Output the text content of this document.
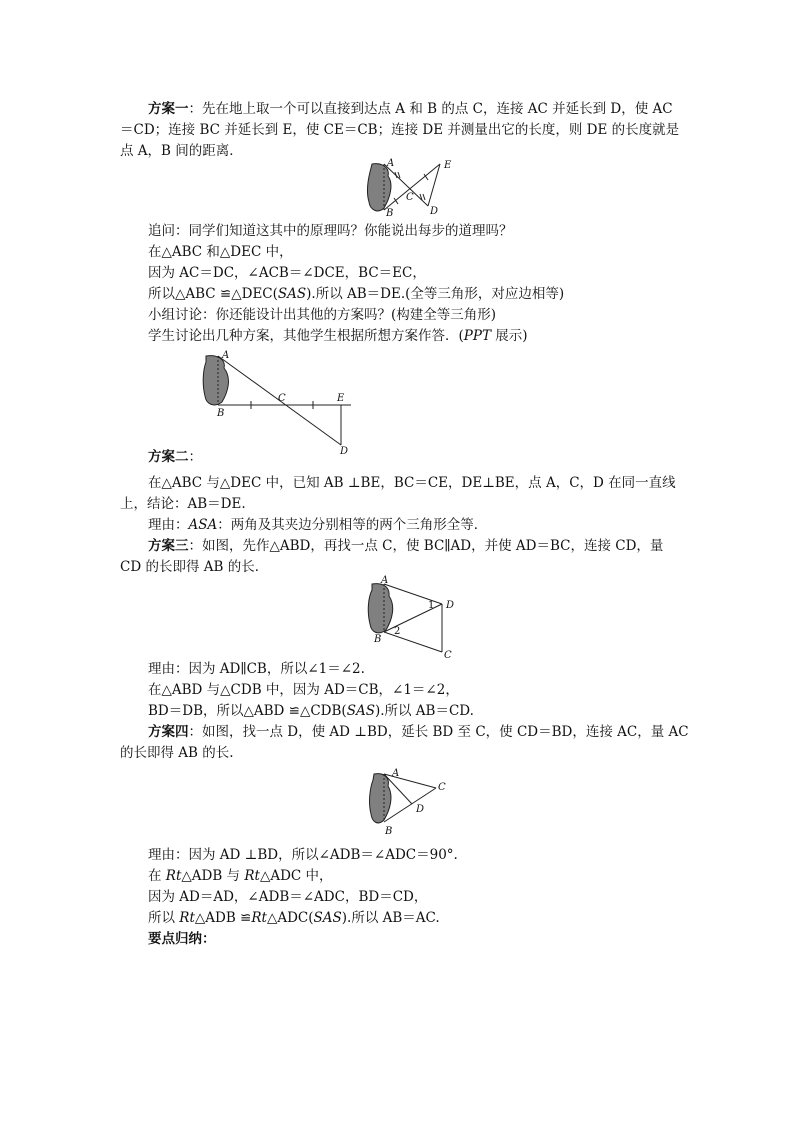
方案一：先在地上取一个可以直接到达点 A 和 B 的点 C，连接 AC 并延长到 D，使 AC
＝CD；连接 BC 并延长到 E，使 CE＝CB；连接 DE 并测量出它的长度，则 DE 的长度就是
点 A，B 间的距离．
A
B
C
D
E
追问：同学们知道这其中的原理吗？你能说出每步的道理吗？
在△ABC 和△DEC 中，
因为 AC＝DC，∠ACB＝∠DCE，BC＝EC，
所以△ABC ≌△DEC(SAS).所以 AB＝DE.(全等三角形，对应边相等)
小组讨论：你还能设计出其他的方案吗？(构建全等三角形)
学生讨论出几种方案，其他学生根据所想方案作答．(PPT 展示)
A
B
C	E
D
方案二：
在△ABC 与△DEC 中，已知 AB ⊥BE，BC＝CE，DE⊥BE，点 A，C，D 在同一直线
上，结论：AB＝DE.
理由：ASA：两角及其夹边分别相等的两个三角形全等．
方案三：如图，先作△ABD，再找一点 C，使 BC∥AD，并使 AD＝BC，连接 CD，量
CD 的长即得 AB 的长．
A
B
D
C
1
2
理由：因为 AD∥CB，所以∠1＝∠2.
在△ABD 与△CDB 中，因为 AD＝CB，∠1＝∠2，
BD＝DB，所以△ABD ≌△CDB(SAS).所以 AB＝CD.
方案四：如图，找一点 D，使 AD ⊥BD，延长 BD 至 C，使 CD＝BD，连接 AC，量 AC
的长即得 AB 的长.
A
B
C
D
理由：因为 AD ⊥BD，所以∠ADB＝∠ADC＝90°.
在 Rt△ADB 与 Rt△ADC 中，
因为 AD＝AD，∠ADB＝∠ADC，BD＝CD，
所以 Rt△ADB ≌Rt△ADC(SAS).所以 AB＝AC.
要点归纳：
